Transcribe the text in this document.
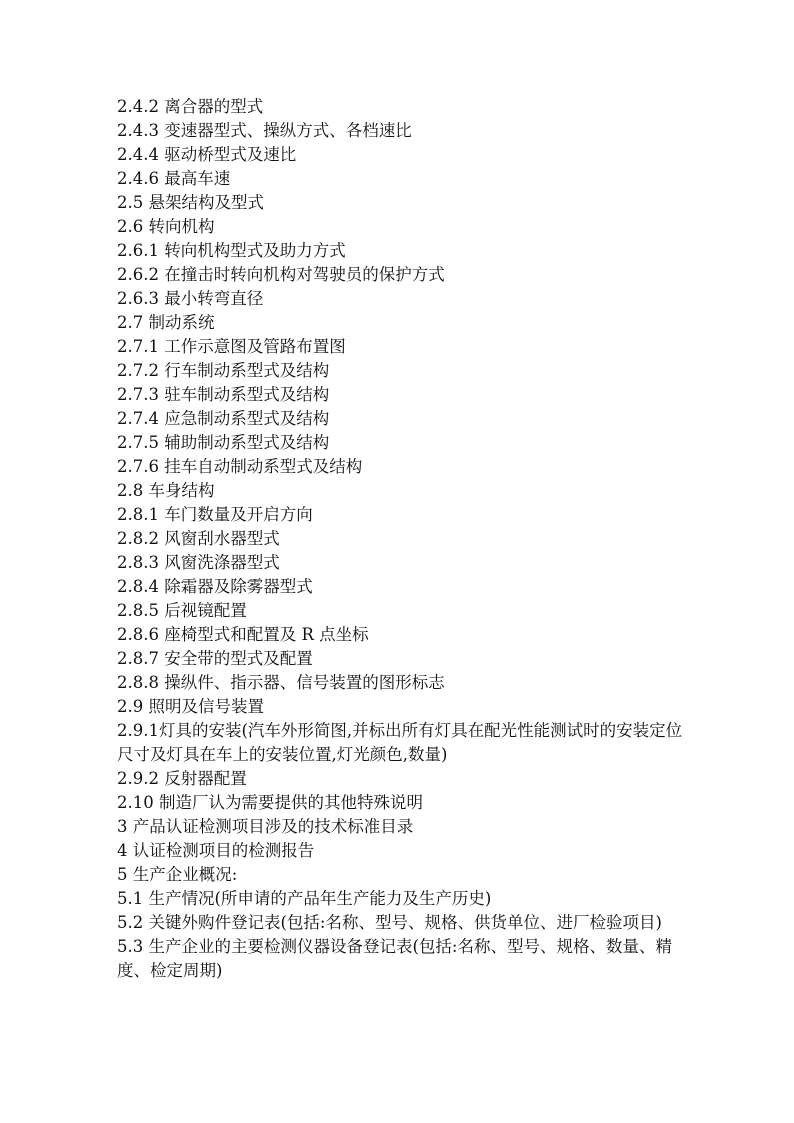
2.4.2 离合器的型式

2.4.3 变速器型式、操纵方式、各档速比

2.4.4 驱动桥型式及速比

2.4.6 最高车速

2.5 悬架结构及型式

2.6 转向机构

2.6.1 转向机构型式及助力方式

2.6.2 在撞击时转向机构对驾驶员的保护方式

2.6.3 最小转弯直径

2.7 制动系统

2.7.1 工作示意图及管路布置图

2.7.2 行车制动系型式及结构

2.7.3 驻车制动系型式及结构

2.7.4 应急制动系型式及结构

2.7.5 辅助制动系型式及结构

2.7.6 挂车自动制动系型式及结构

2.8 车身结构

2.8.1 车门数量及开启方向

2.8.2 风窗刮水器型式

2.8.3 风窗洗涤器型式

2.8.4 除霜器及除雾器型式

2.8.5 后视镜配置

2.8.6 座椅型式和配置及 R 点坐标

2.8.7 安全带的型式及配置

2.8.8 操纵件、指示器、信号装置的图形标志

2.9 照明及信号装置

2.9.1灯具的安装(汽车外形简图,并标出所有灯具在配光性能测试时的安装定位尺寸及灯具在车上的安装位置,灯光颜色,数量)

2.9.2 反射器配置

2.10 制造厂认为需要提供的其他特殊说明

3 产品认证检测项目涉及的技术标准目录

4 认证检测项目的检测报告

5 生产企业概况:

5.1 生产情况(所申请的产品年生产能力及生产历史)

5.2 关键外购件登记表(包括:名称、型号、规格、供货单位、进厂检验项目)

5.3 生产企业的主要检测仪器设备登记表(包括:名称、型号、规格、数量、精度、检定周期)
